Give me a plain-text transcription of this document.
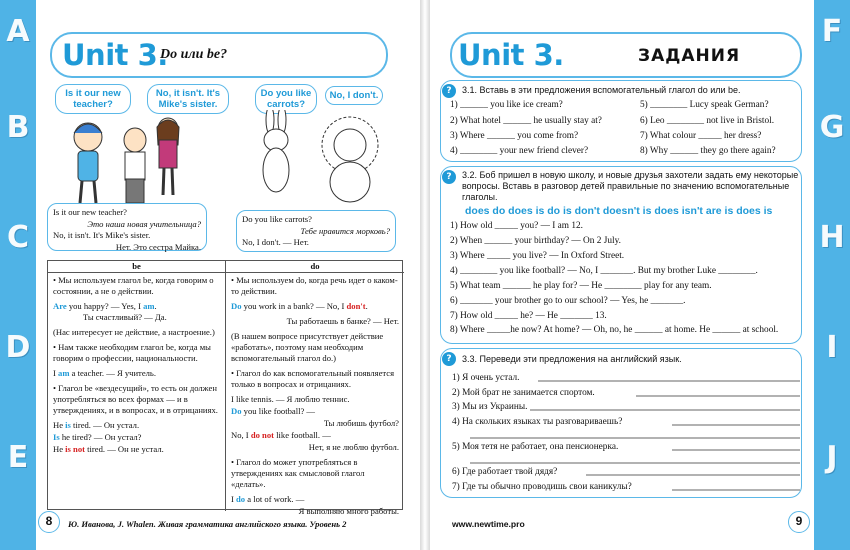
A
B
C
D
E
Unit 3.
Do или be?
Is it our new teacher?
No, it isn't. It's Mike's sister.
Do you like carrots?
No, I don't.
Is it our new teacher?
Это наша новая учительница?
No, it isn't. It's Mike's sister.
Нет. Это сестра Майка.
Do you like carrots?
Тебе нравится морковь?
No, I don't. — Нет.
be

• Мы используем глагол be, когда говорим о состоянии, а не о действии.

Are you happy? — Yes, I am.
Ты счастливый? — Да.

(Нас интересует не действие, а настроение.)

• Нам также необходим глагол be, когда мы говорим о профессии, национальности.

I am a teacher. — Я учитель.

• Глагол be «вездесущий», то есть он должен употребляться во всех формах — и в утверждениях, и в вопросах, и в отрицаниях.

He is tired. — Он устал.

Is he tired? — Он устал?

He is not tired. — Он не устал.

do

• Мы используем do, когда речь идет о каком-то действии.

Do you work in a bank? — No, I don't.

Ты работаешь в банке? — Нет.

(В нашем вопросе присутствует действие «работать», поэтому нам необходим вспомогательный глагол do.)

• Глагол do как вспомогательный появляется только в вопросах и отрицаниях.

I like tennis. — Я люблю теннис.

Do you like football? —

Ты любишь футбол?

No, I do not like football. —

Нет, я не люблю футбол.

• Глагол do может употребляться в утверждениях как смысловой глагол «делать».

I do a lot of work. —

Я выполняю много работы.

8	Ю. Иванова, J. Whalen. Живая грамматика английского языка. Уровень 2
F
G
H
I
J
Unit 3.	ЗАДАНИЯ
?	3.1. Вставь в эти предложения вспомогательный глагол do или be.
1) ______ you like ice cream?
2) What hotel ______ he usually stay at?
3) Where ______ you come from?
4) ________ your new friend clever?
5) ________ Lucy speak German?
6) Leo ________ not live in Bristol.
7) What colour _____ her dress?
8) Why ______ they go there again?
?	3.2. Боб пришел в новую школу, и новые друзья захотели задать ему некоторые вопросы. Вставь в разговор детей правильные по значению вспомогательные глаголы.
does do does is do is don't doesn't is does isn't are is does is
1) How old _____ you? — I am 12.
2) When ______ your birthday? — On 2 July.
3) Where _____ you live? — In Oxford Street.
4) ________ you like football? — No, I _______. But my brother Luke ________.
5) What team ______ he play for? — He ________ play for any team.
6) _______ your brother go to our school? — Yes, he _______.
7) How old _____ he? — He _______ 13.
8) Where _____he now? At home? — Oh, no, he ______ at home. He ______ at school.
?	3.3. Переведи эти предложения на английский язык.
1) Я очень устал.
2) Мой брат не занимается спортом.
3) Мы из Украины.
4) На скольких языках ты разговариваешь?
5) Моя тетя не работает, она пенсионерка.
6) Где работает твой дядя?
7) Где ты обычно проводишь свои каникулы?
www.newtime.pro	9
